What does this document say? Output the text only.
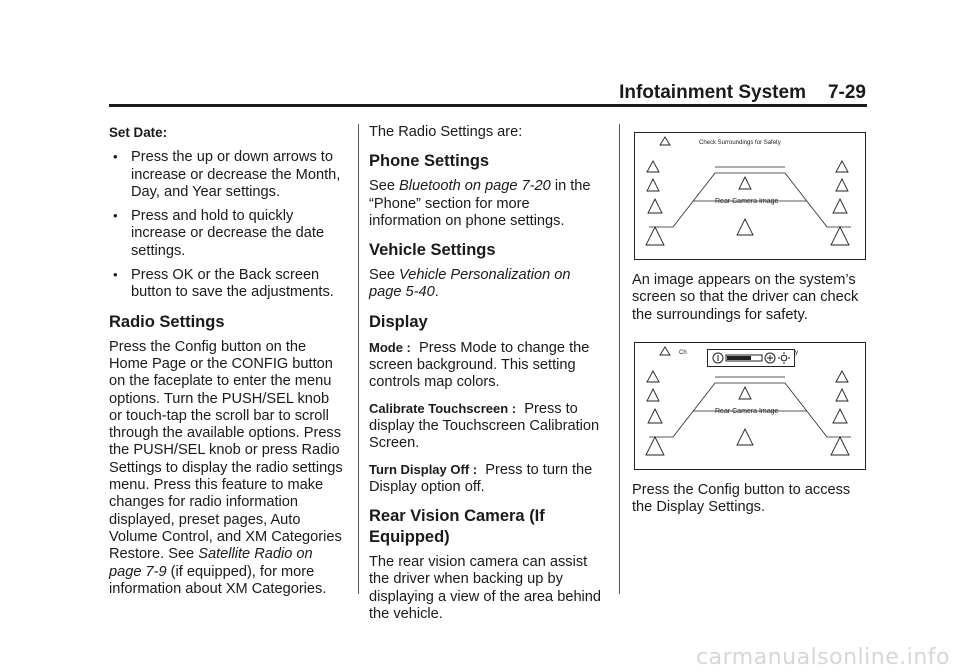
Infotainment System 7-29

Set Date:

• Press the up or down arrows to increase or decrease the Month, Day, and Year settings.
• Press and hold to quickly increase or decrease the date settings.
• Press OK or the Back screen button to save the adjustments.
Radio Settings

Press the Config button on the Home Page or the CONFIG button on the faceplate to enter the menu options. Turn the PUSH/SEL knob or touch-tap the scroll bar to scroll through the available options. Press the PUSH/SEL knob or press Radio Settings to display the radio settings menu. Press this feature to make changes for radio information displayed, preset pages, Auto Volume Control, and XM Categories Restore. See Satellite Radio on page 7-9 (if equipped), for more information about XM Categories.

The Radio Settings are:

Phone Settings

See Bluetooth on page 7-20 in the “Phone” section for more information on phone settings.

Vehicle Settings

See Vehicle Personalization on page 5-40.

Display

Mode : Press Mode to change the screen background. This setting controls map colors.

Calibrate Touchscreen : Press to display the Touchscreen Calibration Screen.

Turn Display Off : Press to turn the Display option off.

Rear Vision Camera (If Equipped)

The rear vision camera can assist the driver when backing up by displaying a view of the area behind the vehicle.

Check Surroundings for Safety
Rear Camera Image

An image appears on the system’s screen so that the driver can check the surroundings for safety.

Ch	y
Rear Camera Image

Press the Config button to access the Display Settings.

carmanualsonline.info
